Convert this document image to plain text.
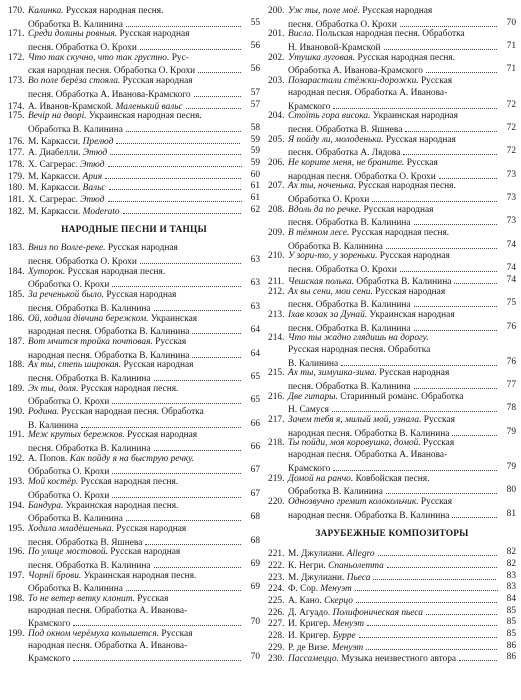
170. Калинка. Русская народная песня.
Обработка В. Калинина	55
171. Среди долины ровныя. Русская народная
песня. Обработка О. Крохи	56
172. Что так скучно, что так грустно. Рус-
ская народная песня. Обработка О. Крохи	56
173. Во поле берёза стояла. Русская народная
песня. Обработка А. Иванова-Крамского	57
174. А. Иванов-Крамской. Маленький вальс	57
175. Вечір на дворі. Украинская народная песня.
Обработка В. Калинина	58
176. М. Каркасси. Прелюд	59
177. А. Диабелли. Этюд	59
178. Х. Сагрерас. Этюд	59
179. М. Каркасси. Ария	60
180. М. Каркасси. Вальс	61
181. Х. Сагрерас. Этюд	61
182. М. Каркасси. Moderato	62
НАРОДНЫЕ ПЕСНИ И ТАНЦЫ
183. Вниз по Волге-реке. Русская народная
песня. Обработка О. Крохи	63
184. Хуторок. Русская народная песня.
Обработка О. Крохи	63
185. За реченькой было. Русская народная
песня. Обработка В. Калинина	63
186. Ой, ходила дівчина бережком. Украинская
народная песня. Обработка В. Калинина	64
187. Вот мчится тройка почтовая. Русская
народная песня. Обработка В. Калинина	64
188. Ах ты, степь широкая. Русская народная
песня. Обработка В. Калинина	65
189. Эх ты, доля. Русская народная песня.
Обработка О. Крохи	65
190. Родина. Русская народная песня. Обработка
В. Калинина	66
191. Меж крутых бережков. Русская народная
песня. Обработка В. Калинина	66
192. А. Попов. Как пойду я на быструю речку.
Обработка О. Крохи	67
193. Мой костёр. Русская народная песня.
Обработка О. Крохи	67
194. Бандура. Украинская народная песня.
Обработка В. Калинина	68
195. Ходила младёшенька. Русская народная
песня. Обработка В. Яшнева	68
196. По улице мостовой. Русская народная
песня. Обработка В. Калинина	69
197. Чорнії брови. Украинская народная песня.
Обработка В. Калинина	69
198. То не ветер ветку клонит. Русская
народная песня. Обработка А. Иванова-
Крамского	70
199. Под окном черёмуха колышется. Русская
народная песня. Обработка А. Иванова-
Крамского	70
200. Уж ты, поле моё. Русская народная
песня. Обработка О. Крохи	70
201. Висла. Польская народная песня. Обработка
Н. Ивановой-Крамской	71
202. Утушка луговая. Русская народная песня.
Обработка А. Иванова-Крамского	71
203. Позарастали стёжки-дорожки. Русская
народная песня. Обработка А. Иванова-
Крамского	72
204. Стоїть гора висока. Украинская народная
песня. Обработка В. Яшнева	72
205. Я пойду ли, молоденька. Русская народная
песня. Обработка А. Лядова	72
206. Не корите меня, не браните. Русская
народная песня. Обработка О. Крохи	73
207. Ах ты, ноченька. Русская народная песня.
Обработка О. Крохи	73
208. Вдоль да по речке. Русская народная
песня. Обработка В. Калинина	73
209. В тёмном лесе. Русская народная песня.
Обработка В. Калинина	74
210. У зори-то, у зореньки. Русская народная
песня. Обработка О. Крохи	74
211. Чешская полька. Обработка В. Калинина	74
212. Ах вы сени, мои сени. Русская народная
песня. Обработка В. Калинина	75
213. Їхав козак за Дунай. Украинская народная
песня. Обработка В. Калинина	76
214. Что ты жадно глядишь на дорогу.
Русская народная песня. Обработка
В. Калинина	76
215. Ах ты, зимушка-зима. Русская народная
песня. Обработка В. Калинина	77
216. Две гитары. Старинный романс. Обработка
Н. Самуся	78
217. Зачем тебя я, милый мой, узнала. Русская
народная песня. Обработка В. Калинина	79
218. Ты пойди, моя коровушка, домой. Русская
народная песня. Обработка А. Иванова-
Крамского	79
219. Домой на ранчо. Ковбойская песня.
Обработка В. Калинина	80
220. Однозвучно гремит колокольчик. Русская
народная песня. Обработка В. Калинина	81
ЗАРУБЕЖНЫЕ КОМПОЗИТОРЫ
221. М. Джулиани. Allegro	82
222. К. Негри. Спаньолетта	82
223. М. Джулиани. Пьеса	83
224. Ф. Сор. Менуэт	83
225. А. Кано. Скерцо	84
226. Д. Агуадо. Полифоническая пьеса	85
227. И. Кригер. Менуэт	85
228. И. Кригер. Бурре	85
229. Р. де Визе. Менуэт	86
230. Пассамеццо. Музыка неизвестного автора	86
